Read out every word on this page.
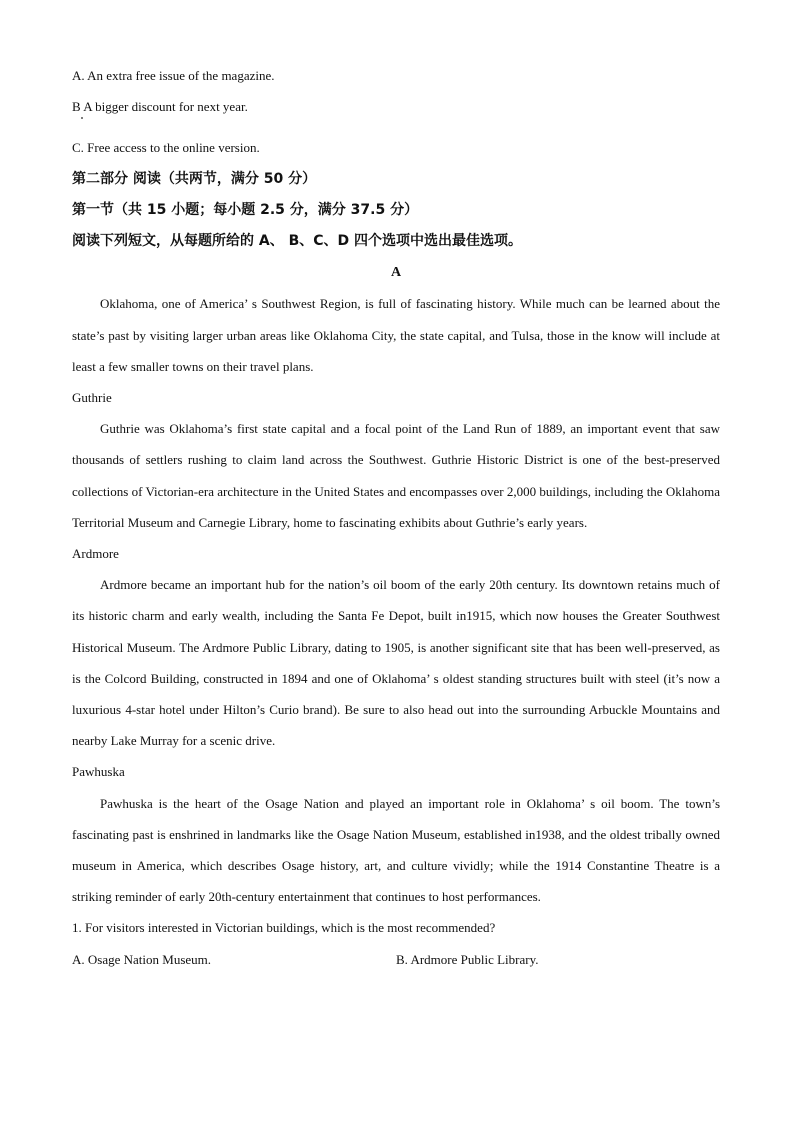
A. An extra free issue of the magazine.
B A bigger discount for next year.
C. Free access to the online version.
第二部分 阅读（共两节，满分 50 分）
第一节（共 15 小题；每小题 2.5 分，满分 37.5 分）
阅读下列短文，从每题所给的 A、 B、C、D 四个选项中选出最佳选项。
A

Oklahoma, one of America’ s Southwest Region, is full of fascinating history. While much can be learned about the state’s past by visiting larger urban areas like Oklahoma City, the state capital, and Tulsa, those in the know will include at least a few smaller towns on their travel plans.

Guthrie

Guthrie was Oklahoma’s first state capital and a focal point of the Land Run of 1889, an important event that saw thousands of settlers rushing to claim land across the Southwest. Guthrie Historic District is one of the best-preserved collections of Victorian-era architecture in the United States and encompasses over 2,000 buildings, including the Oklahoma Territorial Museum and Carnegie Library, home to fascinating exhibits about Guthrie’s early years.

Ardmore

Ardmore became an important hub for the nation’s oil boom of the early 20th century. Its downtown retains much of its historic charm and early wealth, including the Santa Fe Depot, built in1915, which now houses the Greater Southwest Historical Museum. The Ardmore Public Library, dating to 1905, is another significant site that has been well-preserved, as is the Colcord Building, constructed in 1894 and one of Oklahoma’ s oldest standing structures built with steel (it’s now a luxurious 4-star hotel under Hilton’s Curio brand). Be sure to also head out into the surrounding Arbuckle Mountains and nearby Lake Murray for a scenic drive.

Pawhuska

Pawhuska is the heart of the Osage Nation and played an important role in Oklahoma’ s oil boom. The town’s fascinating past is enshrined in landmarks like the Osage Nation Museum, established in1938, and the oldest tribally owned museum in America, which describes Osage history, art, and culture vividly; while the 1914 Constantine Theatre is a striking reminder of early 20th-century entertainment that continues to host performances.

1. For visitors interested in Victorian buildings, which is the most recommended?
A. Osage Nation Museum.	B. Ardmore Public Library.
